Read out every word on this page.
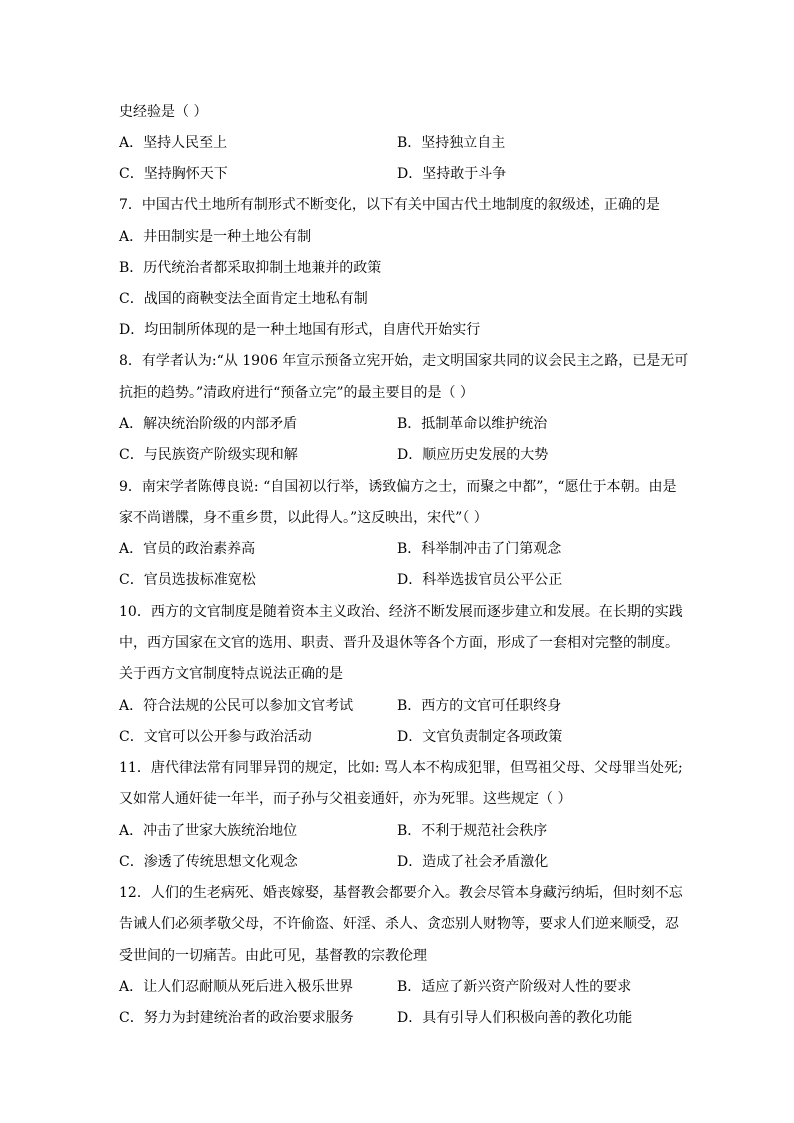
史经验是（ ）
A．坚持人民至上	B．坚持独立自主
C．坚持胸怀天下	D．坚持敢于斗争
7．中国古代土地所有制形式不断变化，以下有关中国古代土地制度的叙级述，正确的是
A．井田制实是一种土地公有制
B．历代统治者都采取抑制土地兼并的政策
C．战国的商鞅变法全面肯定土地私有制
D．均田制所体现的是一种土地国有形式，自唐代开始实行
8．有学者认为:“从 1906 年宣示预备立宪开始，走文明国家共同的议会民主之路，已是无可
抗拒的趋势。”清政府进行“预备立完”的最主要目的是（ ）
A．解决统治阶级的内部矛盾	B．抵制革命以维护统治
C．与民族资产阶级实现和解	D．顺应历史发展的大势
9．南宋学者陈傅良说: “自国初以行举，诱致偏方之士，而聚之中都”，“愿仕于本朝。由是
家不尚谱牒，身不重乡贯，以此得人。”这反映出，宋代”（ ）
A．官员的政治素养高	B．科举制冲击了门第观念
C．官员选拔标准宽松	D．科举选拔官员公平公正
10．西方的文官制度是随着资本主义政治、经济不断发展而逐步建立和发展。在长期的实践
中，西方国家在文官的选用、职责、晋升及退休等各个方面，形成了一套相对完整的制度。
关于西方文官制度特点说法正确的是
A．符合法规的公民可以参加文官考试	B．西方的文官可任职终身
C．文官可以公开参与政治活动	D．文官负责制定各项政策
11．唐代律法常有同罪异罚的规定，比如: 骂人本不构成犯罪，但骂祖父母、父母罪当处死;
又如常人通奸徒一年半，而子孙与父祖妾通奸，亦为死罪。这些规定（ ）
A．冲击了世家大族统治地位	B．不利于规范社会秩序
C．渗透了传统思想文化观念	D．造成了社会矛盾激化
12．人们的生老病死、婚丧嫁娶，基督教会都要介入。教会尽管本身藏污纳垢，但时刻不忘
告诫人们必须孝敬父母，不许偷盗、奸淫、杀人、贪恋别人财物等，要求人们逆来顺受，忍
受世间的一切痛苦。由此可见，基督教的宗教伦理
A．让人们忍耐顺从死后进入极乐世界	B．适应了新兴资产阶级对人性的要求
C．努力为封建统治者的政治要求服务	D．具有引导人们积极向善的教化功能
